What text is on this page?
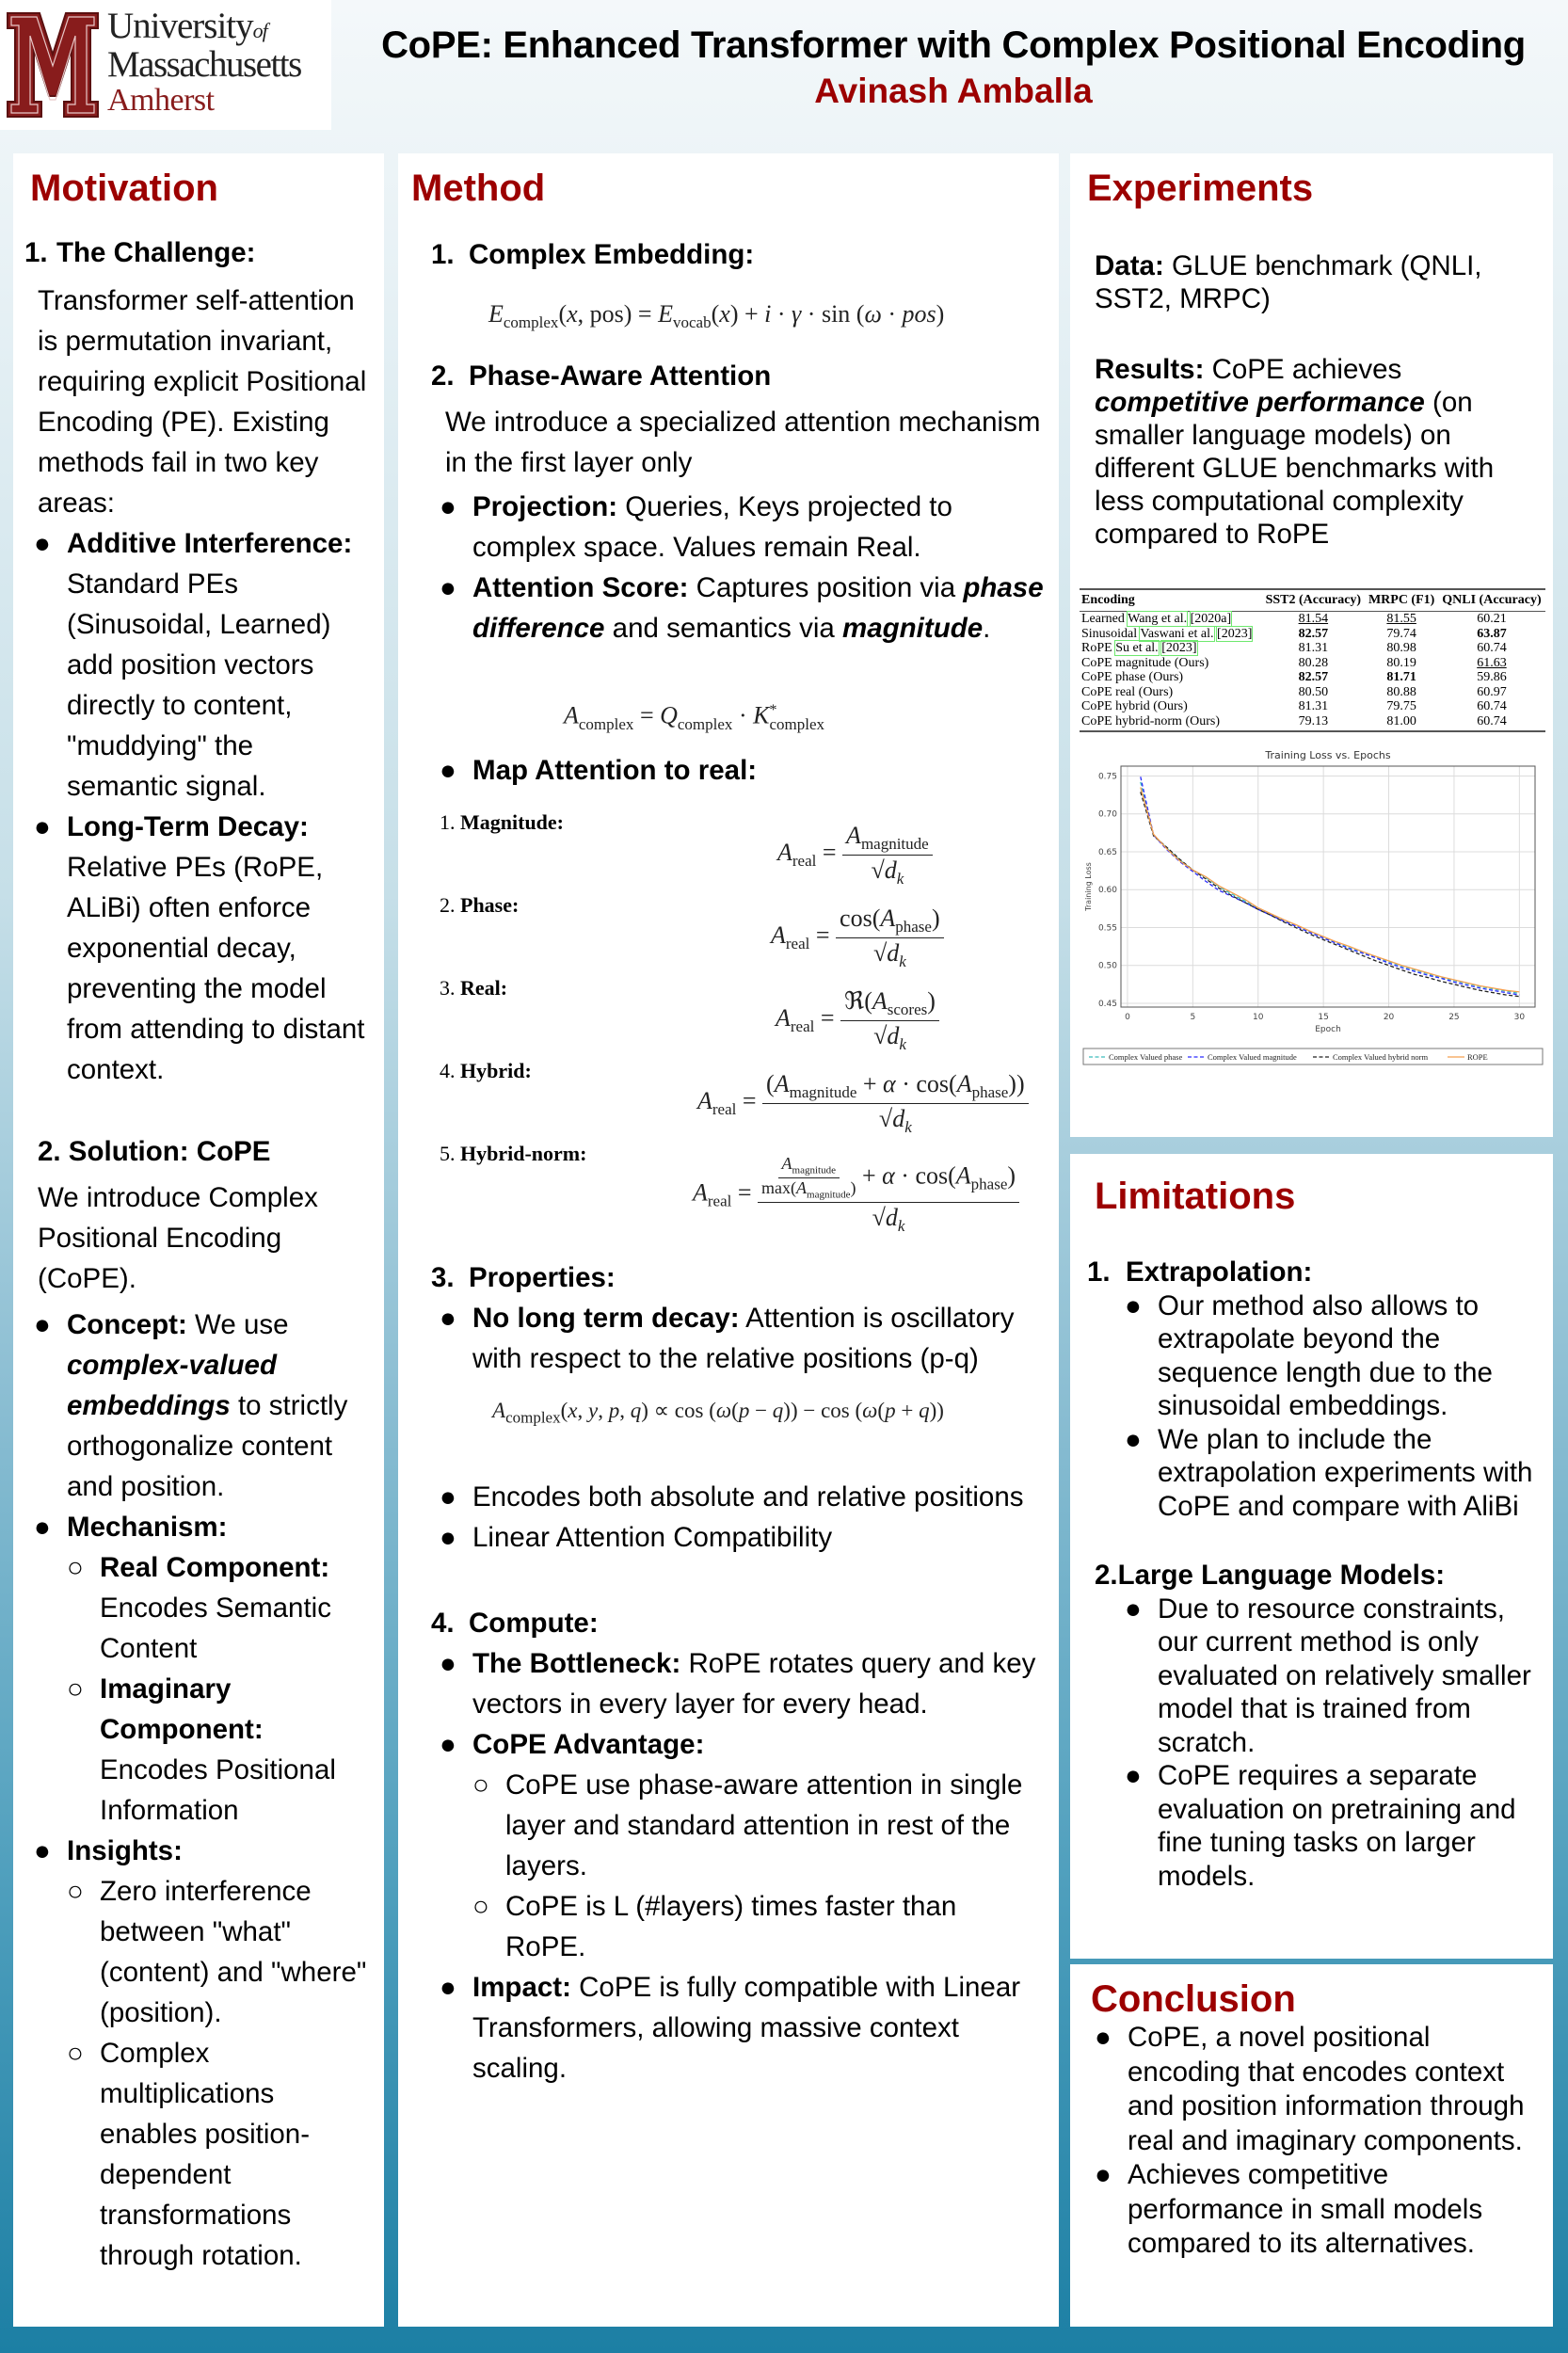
Universityof
Massachusetts
Amherst
CoPE: Enhanced Transformer with Complex Positional Encoding
Avinash Amballa
Motivation
1. The Challenge:

Transformer self-attention is permutation invariant, requiring explicit Positional Encoding (PE). Existing methods fail in two key areas:

● Additive Interference:
Standard PEs (Sinusoidal, Learned) add position vectors directly to content, "muddying" the semantic signal.
● Long-Term Decay:
Relative PEs (RoPE, ALiBi) often enforce exponential decay, preventing the model from attending to distant context.
2. Solution: CoPE

We introduce Complex Positional Encoding (CoPE).

● Concept: We use complex-valued embeddings to strictly orthogonalize content and position.
● Mechanism:
○ Real Component:
Encodes Semantic Content
○ Imaginary Component:
Encodes Positional Information
● Insights:
○ Zero interference between "what" (content) and "where" (position).
○ Complex multiplications enables position-dependent transformations through rotation.
Method
1. Complex Embedding:
$E_{complex}(x$, $pos) = E_{vocab}(x) + i \cdot \gamma \cdot \sin (\omega \cdot pos)$
2. Phase-Aware Attention

We introduce a specialized attention mechanism in the first layer only

● Projection: Queries, Keys projected to complex space. Values remain Real.
● Attention Score: Captures position via phase difference and semantics via magnitude.
$A_{complex} = Q_{complex} \cdot K^*_{complex}$
● Map Attention to real:
1. Magnitude:
$A_{real} = \frac{A_{magnitude}}{√d_k}$
2. Phase:
$A_{real} = \frac{\cos(A_{phase})}{√d_k}$
3. Real:
$A_{real} = \frac{ℜ(A_{scores})}{√d_k}$
4. Hybrid:
$A_{real} = \frac{(A_{magnitude} + \alpha \cdot \cos(A_{phase}))}{√d_k}$
5. Hybrid-norm:
$A_{real} = \frac{\frac{A_{magnitude}}{\max(A_{magnitude})} + \alpha \cdot \cos(A_{phase})}{√d_k}$
3. Properties:
● No long term decay: Attention is oscillatory with respect to the relative positions (p-q)
$A_{complex}(x$, y, p, q) ∝ cos (ω(p − q)) − cos (ω(p + q))
● Encodes both absolute and relative positions
● Linear Attention Compatibility
4. Compute:
● The Bottleneck: RoPE rotates query and key vectors in every layer for every head.
● CoPE Advantage:
○ CoPE use phase-aware attention in single layer and standard attention in rest of the layers.
○ CoPE is L (#layers) times faster than RoPE.
● Impact: CoPE is fully compatible with Linear Transformers, allowing massive context scaling.
Experiments

Data: GLUE benchmark (QNLI, SST2, MRPC)

Results: CoPE achieves competitive performance (on smaller language models) on different GLUE benchmarks with less computational complexity compared to RoPE

Encoding	SST2 (Accuracy)	MRPC (F1)	QNLI (Accuracy)
Learned Wang et al. [2020a]	81.54	81.55	60.21
Sinusoidal Vaswani et al. [2023]	82.57	79.74	63.87
RoPE Su et al. [2023]	81.31	80.98	60.74
CoPE magnitude (Ours)	80.28	80.19	61.63
CoPE phase (Ours)	82.57	81.71	59.86
CoPE real (Ours)	80.50	80.88	60.97
CoPE hybrid (Ours)	81.31	79.75	60.74
CoPE hybrid-norm (Ours)	79.13	81.00	60.74
Training Loss vs. Epochs
0	5	10	15	20	25	30
0.45
0.50
0.55
0.60
0.65
0.70
0.75
Epoch
Training Loss
Complex Valued phase	Complex Valued magnitude	Complex Valued hybrid norm	ROPE
Limitations
1.  Extrapolation:
● Our method also allows to extrapolate beyond the sequence length due to the sinusoidal embeddings.
● We plan to include the extrapolation experiments with CoPE and compare with AliBi
2.Large Language Models:
● Due to resource constraints, our current method is only evaluated on relatively smaller model that is trained from scratch.
● CoPE requires a separate evaluation on pretraining and fine tuning tasks on larger models.
Conclusion
● CoPE, a novel positional encoding that encodes context and position information through real and imaginary components.
● Achieves competitive performance in small models compared to its alternatives.
